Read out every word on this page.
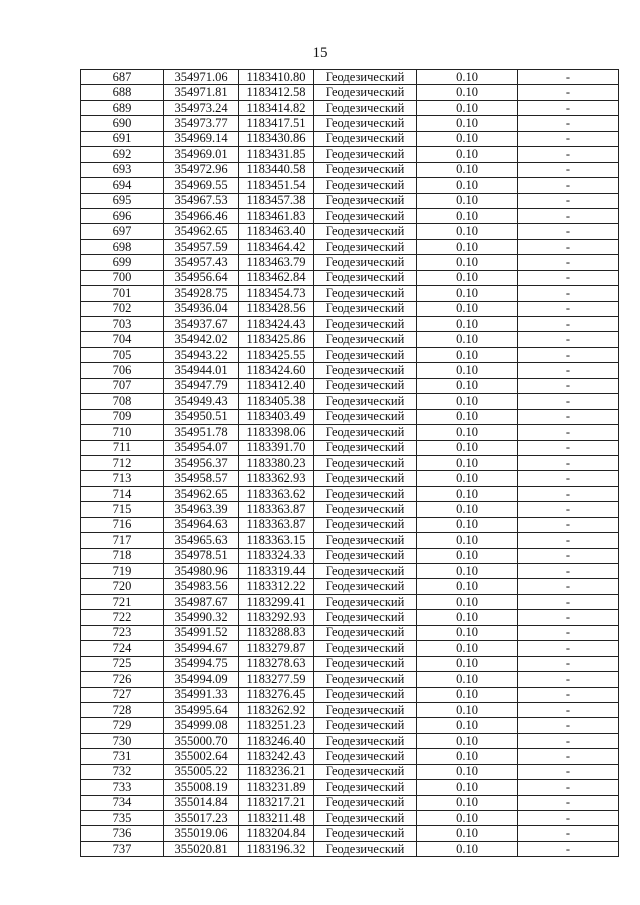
15
687	354971.06	1183410.80	Геодезический	0.10	-
688	354971.81	1183412.58	Геодезический	0.10	-
689	354973.24	1183414.82	Геодезический	0.10	-
690	354973.77	1183417.51	Геодезический	0.10	-
691	354969.14	1183430.86	Геодезический	0.10	-
692	354969.01	1183431.85	Геодезический	0.10	-
693	354972.96	1183440.58	Геодезический	0.10	-
694	354969.55	1183451.54	Геодезический	0.10	-
695	354967.53	1183457.38	Геодезический	0.10	-
696	354966.46	1183461.83	Геодезический	0.10	-
697	354962.65	1183463.40	Геодезический	0.10	-
698	354957.59	1183464.42	Геодезический	0.10	-
699	354957.43	1183463.79	Геодезический	0.10	-
700	354956.64	1183462.84	Геодезический	0.10	-
701	354928.75	1183454.73	Геодезический	0.10	-
702	354936.04	1183428.56	Геодезический	0.10	-
703	354937.67	1183424.43	Геодезический	0.10	-
704	354942.02	1183425.86	Геодезический	0.10	-
705	354943.22	1183425.55	Геодезический	0.10	-
706	354944.01	1183424.60	Геодезический	0.10	-
707	354947.79	1183412.40	Геодезический	0.10	-
708	354949.43	1183405.38	Геодезический	0.10	-
709	354950.51	1183403.49	Геодезический	0.10	-
710	354951.78	1183398.06	Геодезический	0.10	-
711	354954.07	1183391.70	Геодезический	0.10	-
712	354956.37	1183380.23	Геодезический	0.10	-
713	354958.57	1183362.93	Геодезический	0.10	-
714	354962.65	1183363.62	Геодезический	0.10	-
715	354963.39	1183363.87	Геодезический	0.10	-
716	354964.63	1183363.87	Геодезический	0.10	-
717	354965.63	1183363.15	Геодезический	0.10	-
718	354978.51	1183324.33	Геодезический	0.10	-
719	354980.96	1183319.44	Геодезический	0.10	-
720	354983.56	1183312.22	Геодезический	0.10	-
721	354987.67	1183299.41	Геодезический	0.10	-
722	354990.32	1183292.93	Геодезический	0.10	-
723	354991.52	1183288.83	Геодезический	0.10	-
724	354994.67	1183279.87	Геодезический	0.10	-
725	354994.75	1183278.63	Геодезический	0.10	-
726	354994.09	1183277.59	Геодезический	0.10	-
727	354991.33	1183276.45	Геодезический	0.10	-
728	354995.64	1183262.92	Геодезический	0.10	-
729	354999.08	1183251.23	Геодезический	0.10	-
730	355000.70	1183246.40	Геодезический	0.10	-
731	355002.64	1183242.43	Геодезический	0.10	-
732	355005.22	1183236.21	Геодезический	0.10	-
733	355008.19	1183231.89	Геодезический	0.10	-
734	355014.84	1183217.21	Геодезический	0.10	-
735	355017.23	1183211.48	Геодезический	0.10	-
736	355019.06	1183204.84	Геодезический	0.10	-
737	355020.81	1183196.32	Геодезический	0.10	-
